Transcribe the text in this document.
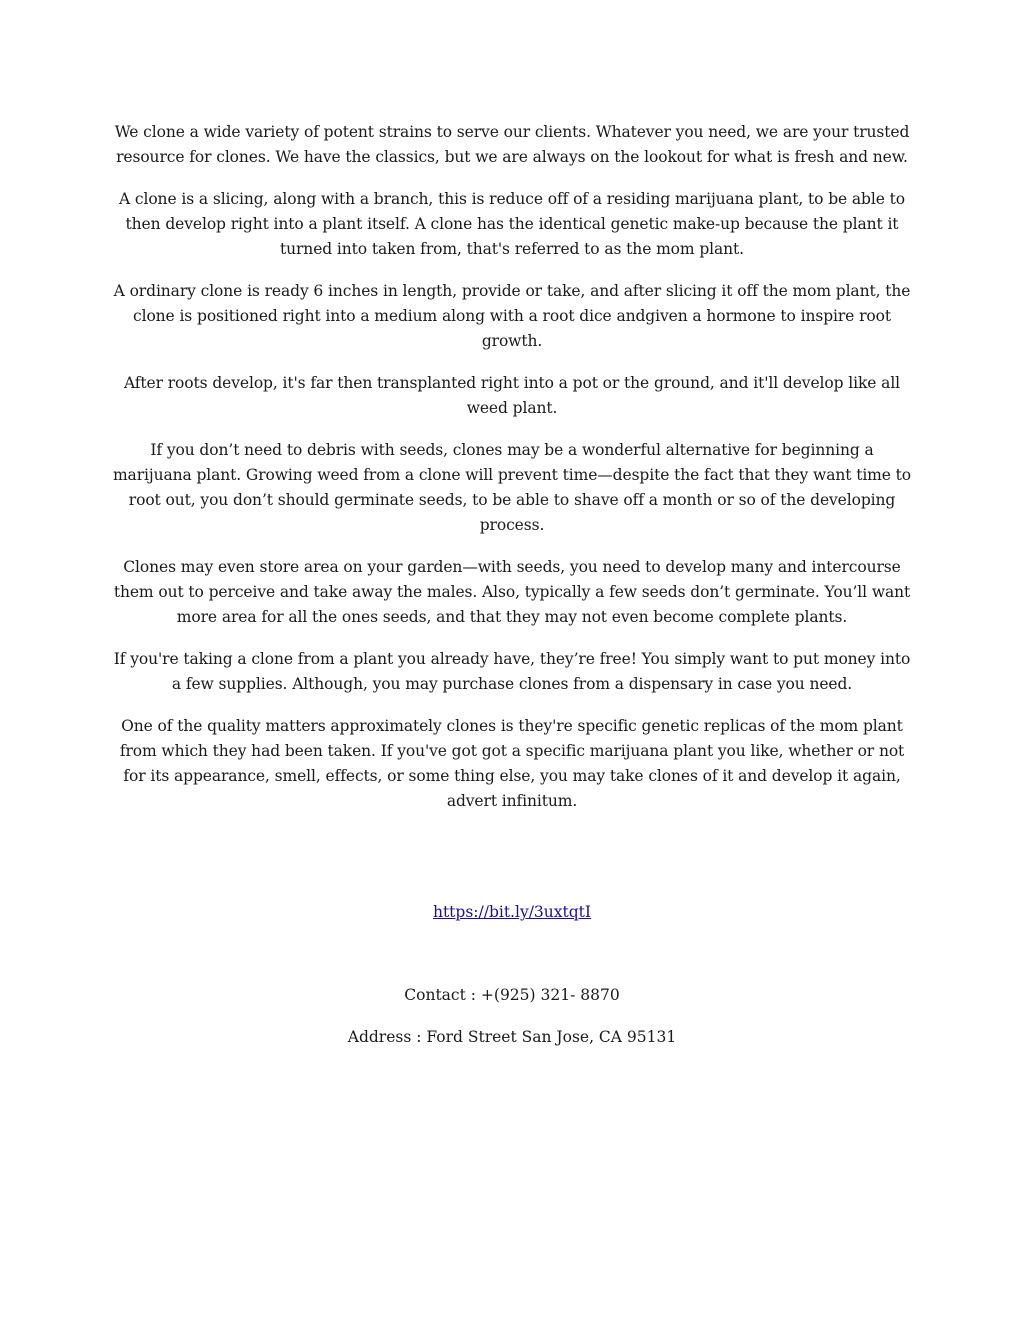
We clone a wide variety of potent strains to serve our clients. Whatever you need, we are your trusted resource for clones. We have the classics, but we are always on the lookout for what is fresh and new.

A clone is a slicing, along with a branch, this is reduce off of a residing marijuana plant, to be able to then develop right into a plant itself. A clone has the identical genetic make-up because the plant it turned into taken from, that's referred to as the mom plant.

A ordinary clone is ready 6 inches in length, provide or take, and after slicing it off the mom plant, the clone is positioned right into a medium along with a root dice andgiven a hormone to inspire root growth.

After roots develop, it's far then transplanted right into a pot or the ground, and it'll develop like all weed plant.

If you don’t need to debris with seeds, clones may be a wonderful alternative for beginning a marijuana plant. Growing weed from a clone will prevent time—despite the fact that they want time to root out, you don’t should germinate seeds, to be able to shave off a month or so of the developing process.

Clones may even store area on your garden—with seeds, you need to develop many and intercourse them out to perceive and take away the males. Also, typically a few seeds don’t germinate. You’ll want more area for all the ones seeds, and that they may not even become complete plants.

If you're taking a clone from a plant you already have, they’re free! You simply want to put money into a few supplies. Although, you may purchase clones from a dispensary in case you need.

One of the quality matters approximately clones is they're specific genetic replicas of the mom plant from which they had been taken. If you've got got a specific marijuana plant you like, whether or not for its appearance, smell, effects, or some thing else, you may take clones of it and develop it again, advert infinitum.

https://bit.ly/3uxtqtI

Contact : +(925) 321- 8870

Address : Ford Street San Jose, CA 95131
